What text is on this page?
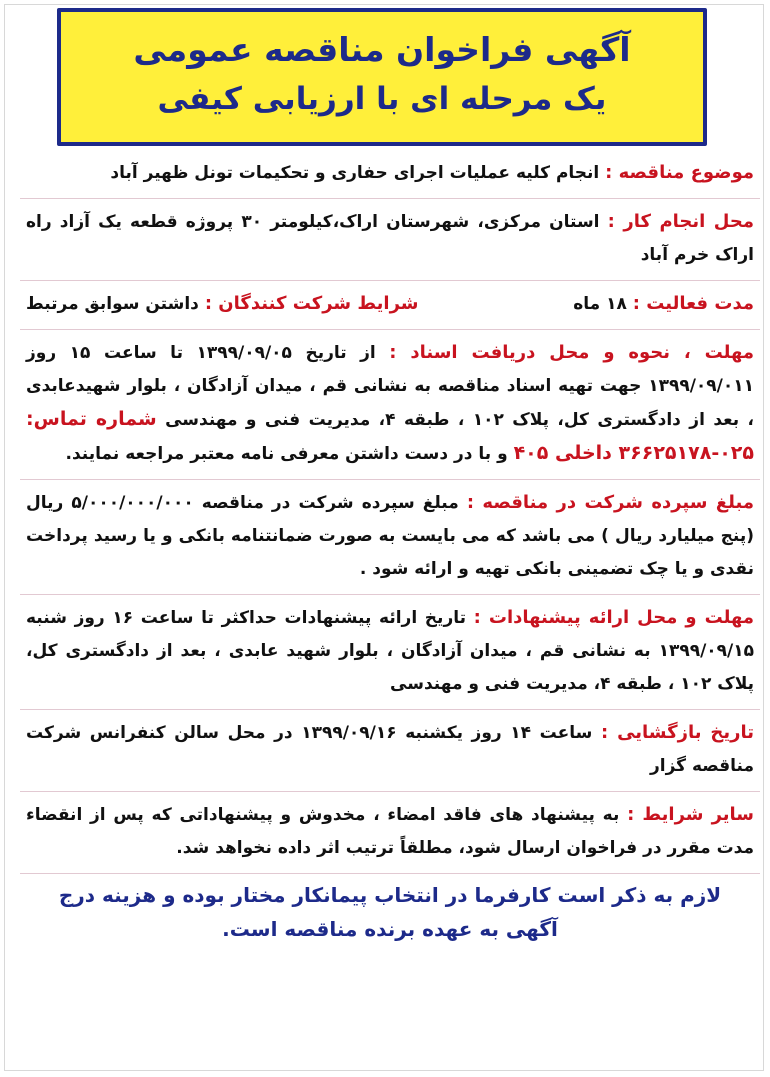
آگهی فراخوان مناقصه عمومی
یک مرحله ای با ارزیابی کیفی
موضوع مناقصه : انجام کلیه عملیات اجرای حفاری و تحکیمات تونل ظهیر آباد
محل انجام کار : استان مرکزی، شهرستان اراک،کیلومتر ۳۰ پروژه قطعه یک آزاد راه اراک خرم آباد
مدت فعالیت : ۱۸ ماه
شرایط شرکت کنندگان : داشتن سوابق مرتبط
مهلت ، نحوه و محل دریافت اسناد : از تاریخ ۱۳۹۹/۰۹/۰۵ تا ساعت ۱۵ روز ۱۳۹۹/۰۹/۰۱۱ جهت تهیه اسناد مناقصه به نشانی قم ، میدان آزادگان ، بلوار شهیدعابدی ، بعد از دادگستری کل، پلاک ۱۰۲ ، طبقه ۴، مدیریت فنی و مهندسی شماره تماس: ۰۲۵-۳۶۶۲۵۱۷۸ داخلی ۴۰۵ و با در دست داشتن معرفی نامه معتبر مراجعه نمایند.
مبلغ سپرده شرکت در مناقصه : مبلغ سپرده شرکت در مناقصه ۵/۰۰۰/۰۰۰/۰۰۰ ریال (پنج میلیارد ریال ) می باشد که می بایست به صورت ضمانتنامه بانکی و یا رسید پرداخت نقدی و یا چک تضمینی بانکی تهیه و ارائه شود .
مهلت و محل ارائه پیشنهادات : تاریخ ارائه پیشنهادات حداکثر تا ساعت ۱۶ روز شنبه ۱۳۹۹/۰۹/۱۵ به نشانی قم ، میدان آزادگان ، بلوار شهید عابدی ، بعد از دادگستری کل، پلاک ۱۰۲ ، طبقه ۴، مدیریت فنی و مهندسی
تاریخ بازگشایی : ساعت ۱۴ روز یکشنبه ۱۳۹۹/۰۹/۱۶ در محل سالن کنفرانس شرکت مناقصه گزار
سایر شرایط : به پیشنهاد های فاقد امضاء ، مخدوش و پیشنهاداتی که پس از انقضاء مدت مقرر در فراخوان ارسال شود، مطلقاً ترتیب اثر داده نخواهد شد.
لازم به ذکر است کارفرما در انتخاب پیمانکار مختار بوده و هزینه درج
آگهی به عهده برنده مناقصه است.
